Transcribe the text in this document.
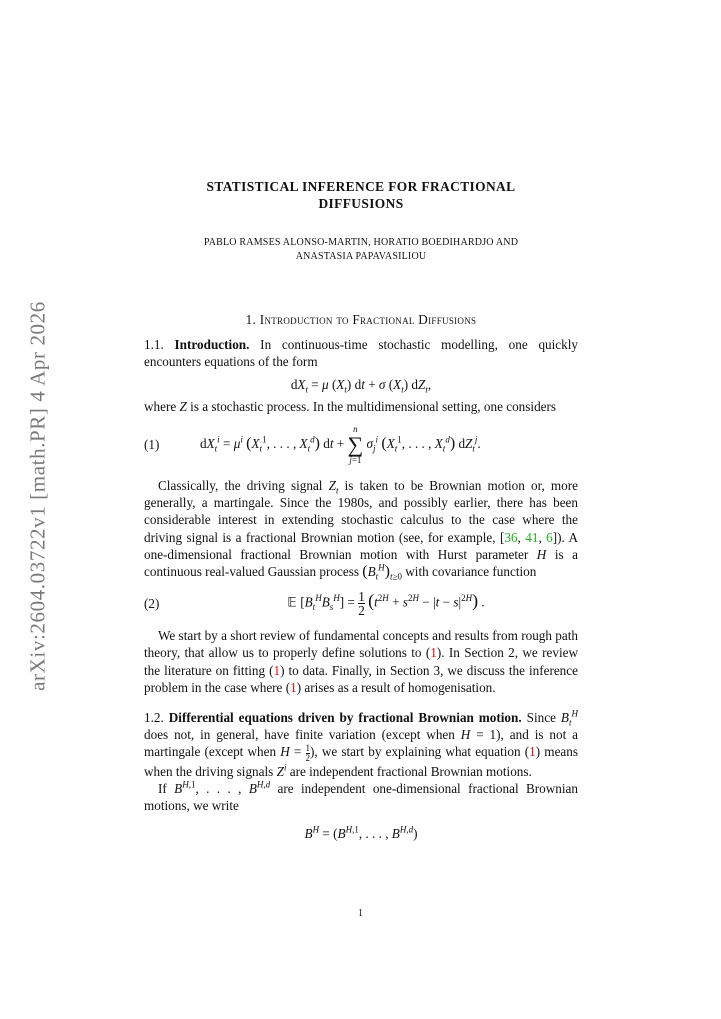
arXiv:2604.03722v1 [math.PR] 4 Apr 2026
STATISTICAL INFERENCE FOR FRACTIONAL
DIFFUSIONS
PABLO RAMSES ALONSO-MARTIN, HORATIO BOEDIHARDJO AND
ANASTASIA PAPAVASILIOU
1. Introduction to Fractional Diffusions

1.1. Introduction. In continuous-time stochastic modelling, one quickly encounters equations of the form

$dX_t = \mu$ $(X_t)$ dt + σ $(X_t)$ $dZ_t$,

where Z is a stochastic process. In the multidimensional setting, one considers

(1)	$dX_t^i = \mu^i$ ($X_t^1$, . . . , $X_t^d$) dt + n
∑
j=1 $\sigma_j^i$ ($X_t^1$, . . . , $X_t^d$) $dZ_t^j$.

Classically, the driving signal $Z_t$ is taken to be Brownian motion or, more generally, a martingale. Since the 1980s, and possibly earlier, there has been considerable interest in extending stochastic calculus to the case where the driving signal is a fractional Brownian motion (see, for example, [36, 41, 6]). A one-dimensional fractional Brownian motion with Hurst parameter H is a continuous real-valued Gaussian process $(B_t^H)_{t\ge 0}$ with covariance function

(2)	𝔼 $[B_t^HB_s^H] = 1$

2 $(t^{2H} + s^{2H} - |t - s|^{2H})$ .

We start by a short review of fundamental concepts and results from rough path theory, that allow us to properly define solutions to (1). In Section 2, we review the literature on fitting (1) to data. Finally, in Section 3, we discuss the inference problem in the case where (1) arises as a result of homogenisation.

1.2. Differential equations driven by fractional Brownian motion. Since $B_t^H$ does not, in general, have finite variation (except when H = 1), and is not a martingale (except when H = 1

2 ), we start by explaining what equation (1) means when the driving signals $Z^i$ are independent fractional Brownian motions.

If $B^{H,1}$, . . . , $B^{H,d}$ are independent one-dimensional fractional Brownian motions, we write

$B^H = (B^{H,1}$, . . . , $B^{H,d}$)
1
